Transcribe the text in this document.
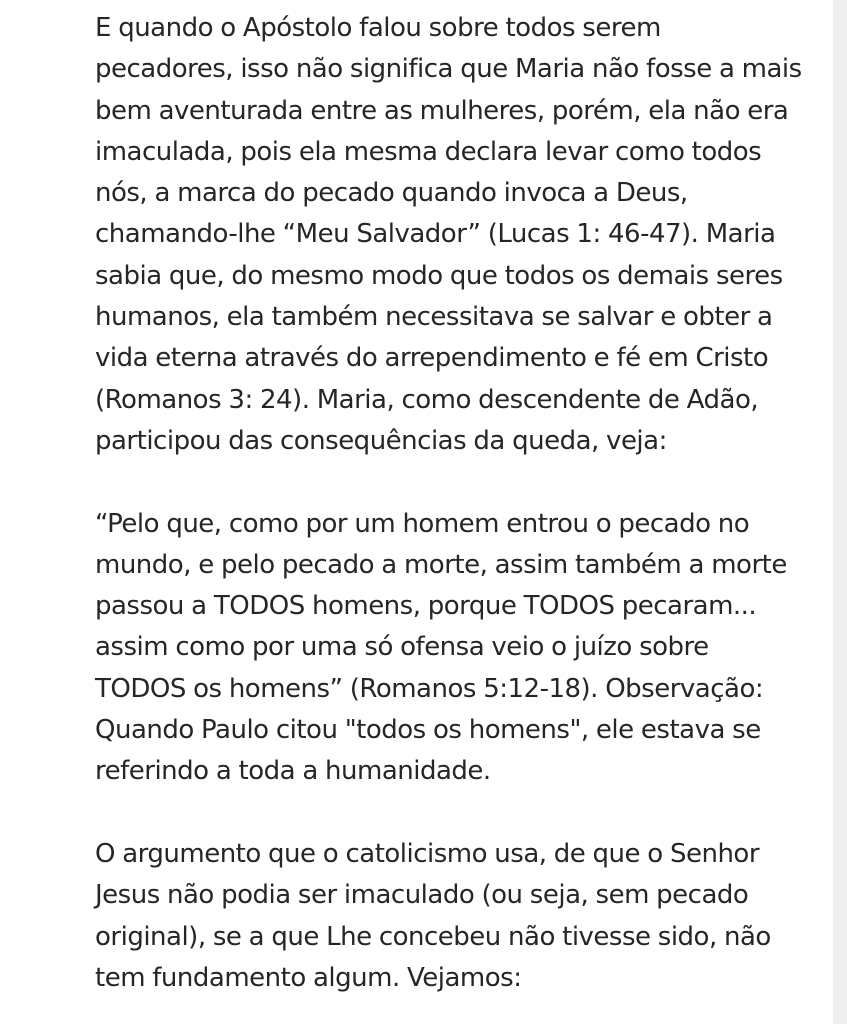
E quando o Apóstolo falou sobre todos serem
pecadores, isso não significa que Maria não fosse a mais
bem aventurada entre as mulheres, porém, ela não era
imaculada, pois ela mesma declara levar como todos
nós, a marca do pecado quando invoca a Deus,
chamando-lhe “Meu Salvador” (Lucas 1: 46-47). Maria
sabia que, do mesmo modo que todos os demais seres
humanos, ela também necessitava se salvar e obter a
vida eterna através do arrependimento e fé em Cristo
(Romanos 3: 24). Maria, como descendente de Adão,
participou das consequências da queda, veja:
“Pelo que, como por um homem entrou o pecado no
mundo, e pelo pecado a morte, assim também a morte
passou a TODOS homens, porque TODOS pecaram...
assim como por uma só ofensa veio o juízo sobre
TODOS os homens” (Romanos 5:12-18). Observação:
Quando Paulo citou "todos os homens", ele estava se
referindo a toda a humanidade.
O argumento que o catolicismo usa, de que o Senhor
Jesus não podia ser imaculado (ou seja, sem pecado
original), se a que Lhe concebeu não tivesse sido, não
tem fundamento algum. Vejamos:
